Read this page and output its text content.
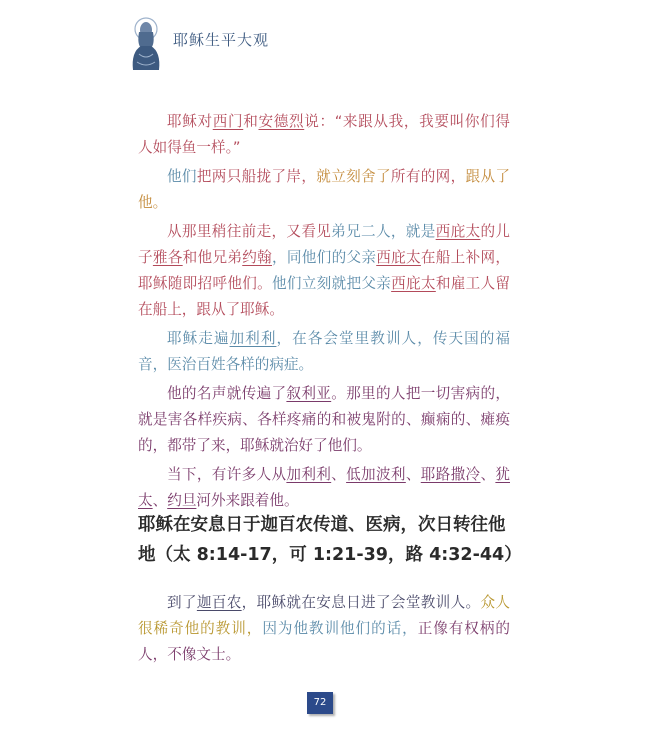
耶稣生平大观

耶稣对西门和安德烈说：“来跟从我，我要叫你们得人如得鱼一样。”

他们把两只船拢了岸，就立刻舍了所有的网，跟从了他。

从那里稍往前走，又看见弟兄二人，就是西庇太的儿子雅各和他兄弟约翰，同他们的父亲西庇太在船上补网，耶稣随即招呼他们。他们立刻就把父亲西庇太和雇工人留在船上，跟从了耶稣。

耶稣走遍加利利，在各会堂里教训人，传天国的福音，医治百姓各样的病症。

他的名声就传遍了叙利亚。那里的人把一切害病的，就是害各样疾病、各样疼痛的和被鬼附的、癫痫的、瘫痪的，都带了来，耶稣就治好了他们。

当下，有许多人从加利利、低加波利、耶路撒冷、犹太、约旦河外来跟着他。

耶稣在安息日于迦百农传道、医病，次日转往他地（太 8:14-17，可 1:21-39，路 4:32-44）

到了迦百农，耶稣就在安息日进了会堂教训人。众人很稀奇他的教训，因为他教训他们的话，正像有权柄的人，不像文士。

72
